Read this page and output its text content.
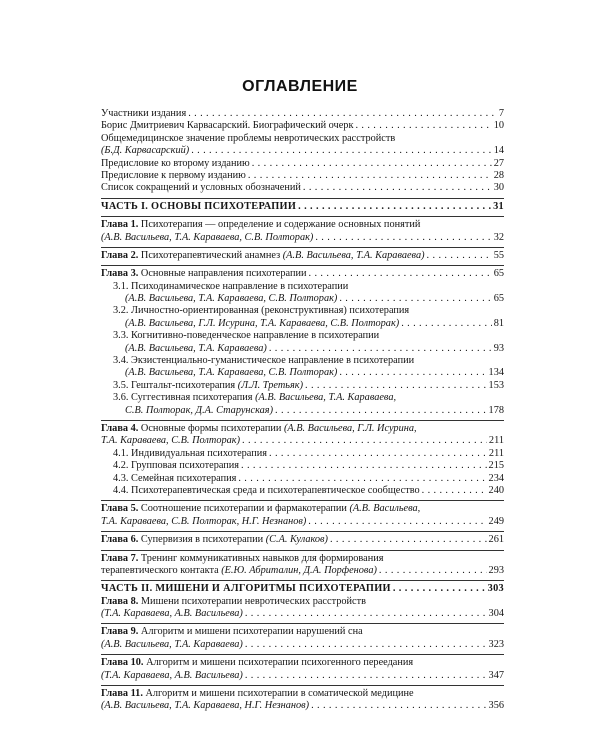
ОГЛАВЛЕНИЕ
Участники издания . . .	7
Борис Дмитриевич Карвасарский. Биографический очерк . . .	10
Общемедицинское значение проблемы невротических расстройств
(Б.Д. Карвасарский) . . .	14
Предисловие ко второму изданию . . .	27
Предисловие к первому изданию . . .	28
Список сокращений и условных обозначений . . .	30
ЧАСТЬ I. ОСНОВЫ ПСИХОТЕРАПИИ . . .	31
Глава 1. Психотерапия — определение и содержание основных понятий
(А.В. Васильева, Т.А. Караваева, С.В. Полторак) . . .	32
Глава 2. Психотерапевтический анамнез (А.В. Васильева, Т.А. Караваева) . . .	55
Глава 3. Основные направления психотерапии . . .	65
3.1. Психодинамическое направление в психотерапии
(А.В. Васильева, Т.А. Караваева, С.В. Полторак) . . .	65
3.2. Личностно-ориентированная (реконструктивная) психотерапия
(А.В. Васильева, Г.Л. Исурина, Т.А. Караваева, С.В. Полторак) . . .	81
3.3. Когнитивно-поведенческое направление в психотерапии
(А.В. Васильева, Т.А. Караваева) . . .	93
3.4. Экзистенциально-гуманистическое направление в психотерапии
(А.В. Васильева, Т.А. Караваева, С.В. Полторак) . . .	134
3.5. Гештальт-психотерапия (Л.Л. Третьяк) . . .	153
3.6. Суггестивная психотерапия (А.В. Васильева, Т.А. Караваева,
С.В. Полторак, Д.А. Старунская) . . .	178
Глава 4. Основные формы психотерапии (А.В. Васильева, Г.Л. Исурина,
Т.А. Караваева, С.В. Полторак) . . .	211
4.1. Индивидуальная психотерапия . . .	211
4.2. Групповая психотерапия . . .	215
4.3. Семейная психотерапия . . .	234
4.4. Психотерапевтическая среда и психотерапевтическое сообщество . . .	240
Глава 5. Соотношение психотерапии и фармакотерапии (А.В. Васильева,
Т.А. Караваева, С.В. Полторак, Н.Г. Незнанов) . . .	249
Глава 6. Супервизия в психотерапии (С.А. Кулаков) . . .	261
Глава 7. Тренинг коммуникативных навыков для формирования
терапевтического контакта (Е.Ю. Абриталин, Д.А. Порфенова) . . .	293
ЧАСТЬ II. МИШЕНИ И АЛГОРИТМЫ ПСИХОТЕРАПИИ . . .	303
Глава 8. Мишени психотерапии невротических расстройств
(Т.А. Караваева, А.В. Васильева) . . .	304
Глава 9. Алгоритм и мишени психотерапии нарушений сна
(А.В. Васильева, Т.А. Караваева) . . .	323
Глава 10. Алгоритм и мишени психотерапии психогенного переедания
(Т.А. Караваева, А.В. Васильева) . . .	347
Глава 11. Алгоритм и мишени психотерапии в соматической медицине
(А.В. Васильева, Т.А. Караваева, Н.Г. Незнанов) . . .	356
